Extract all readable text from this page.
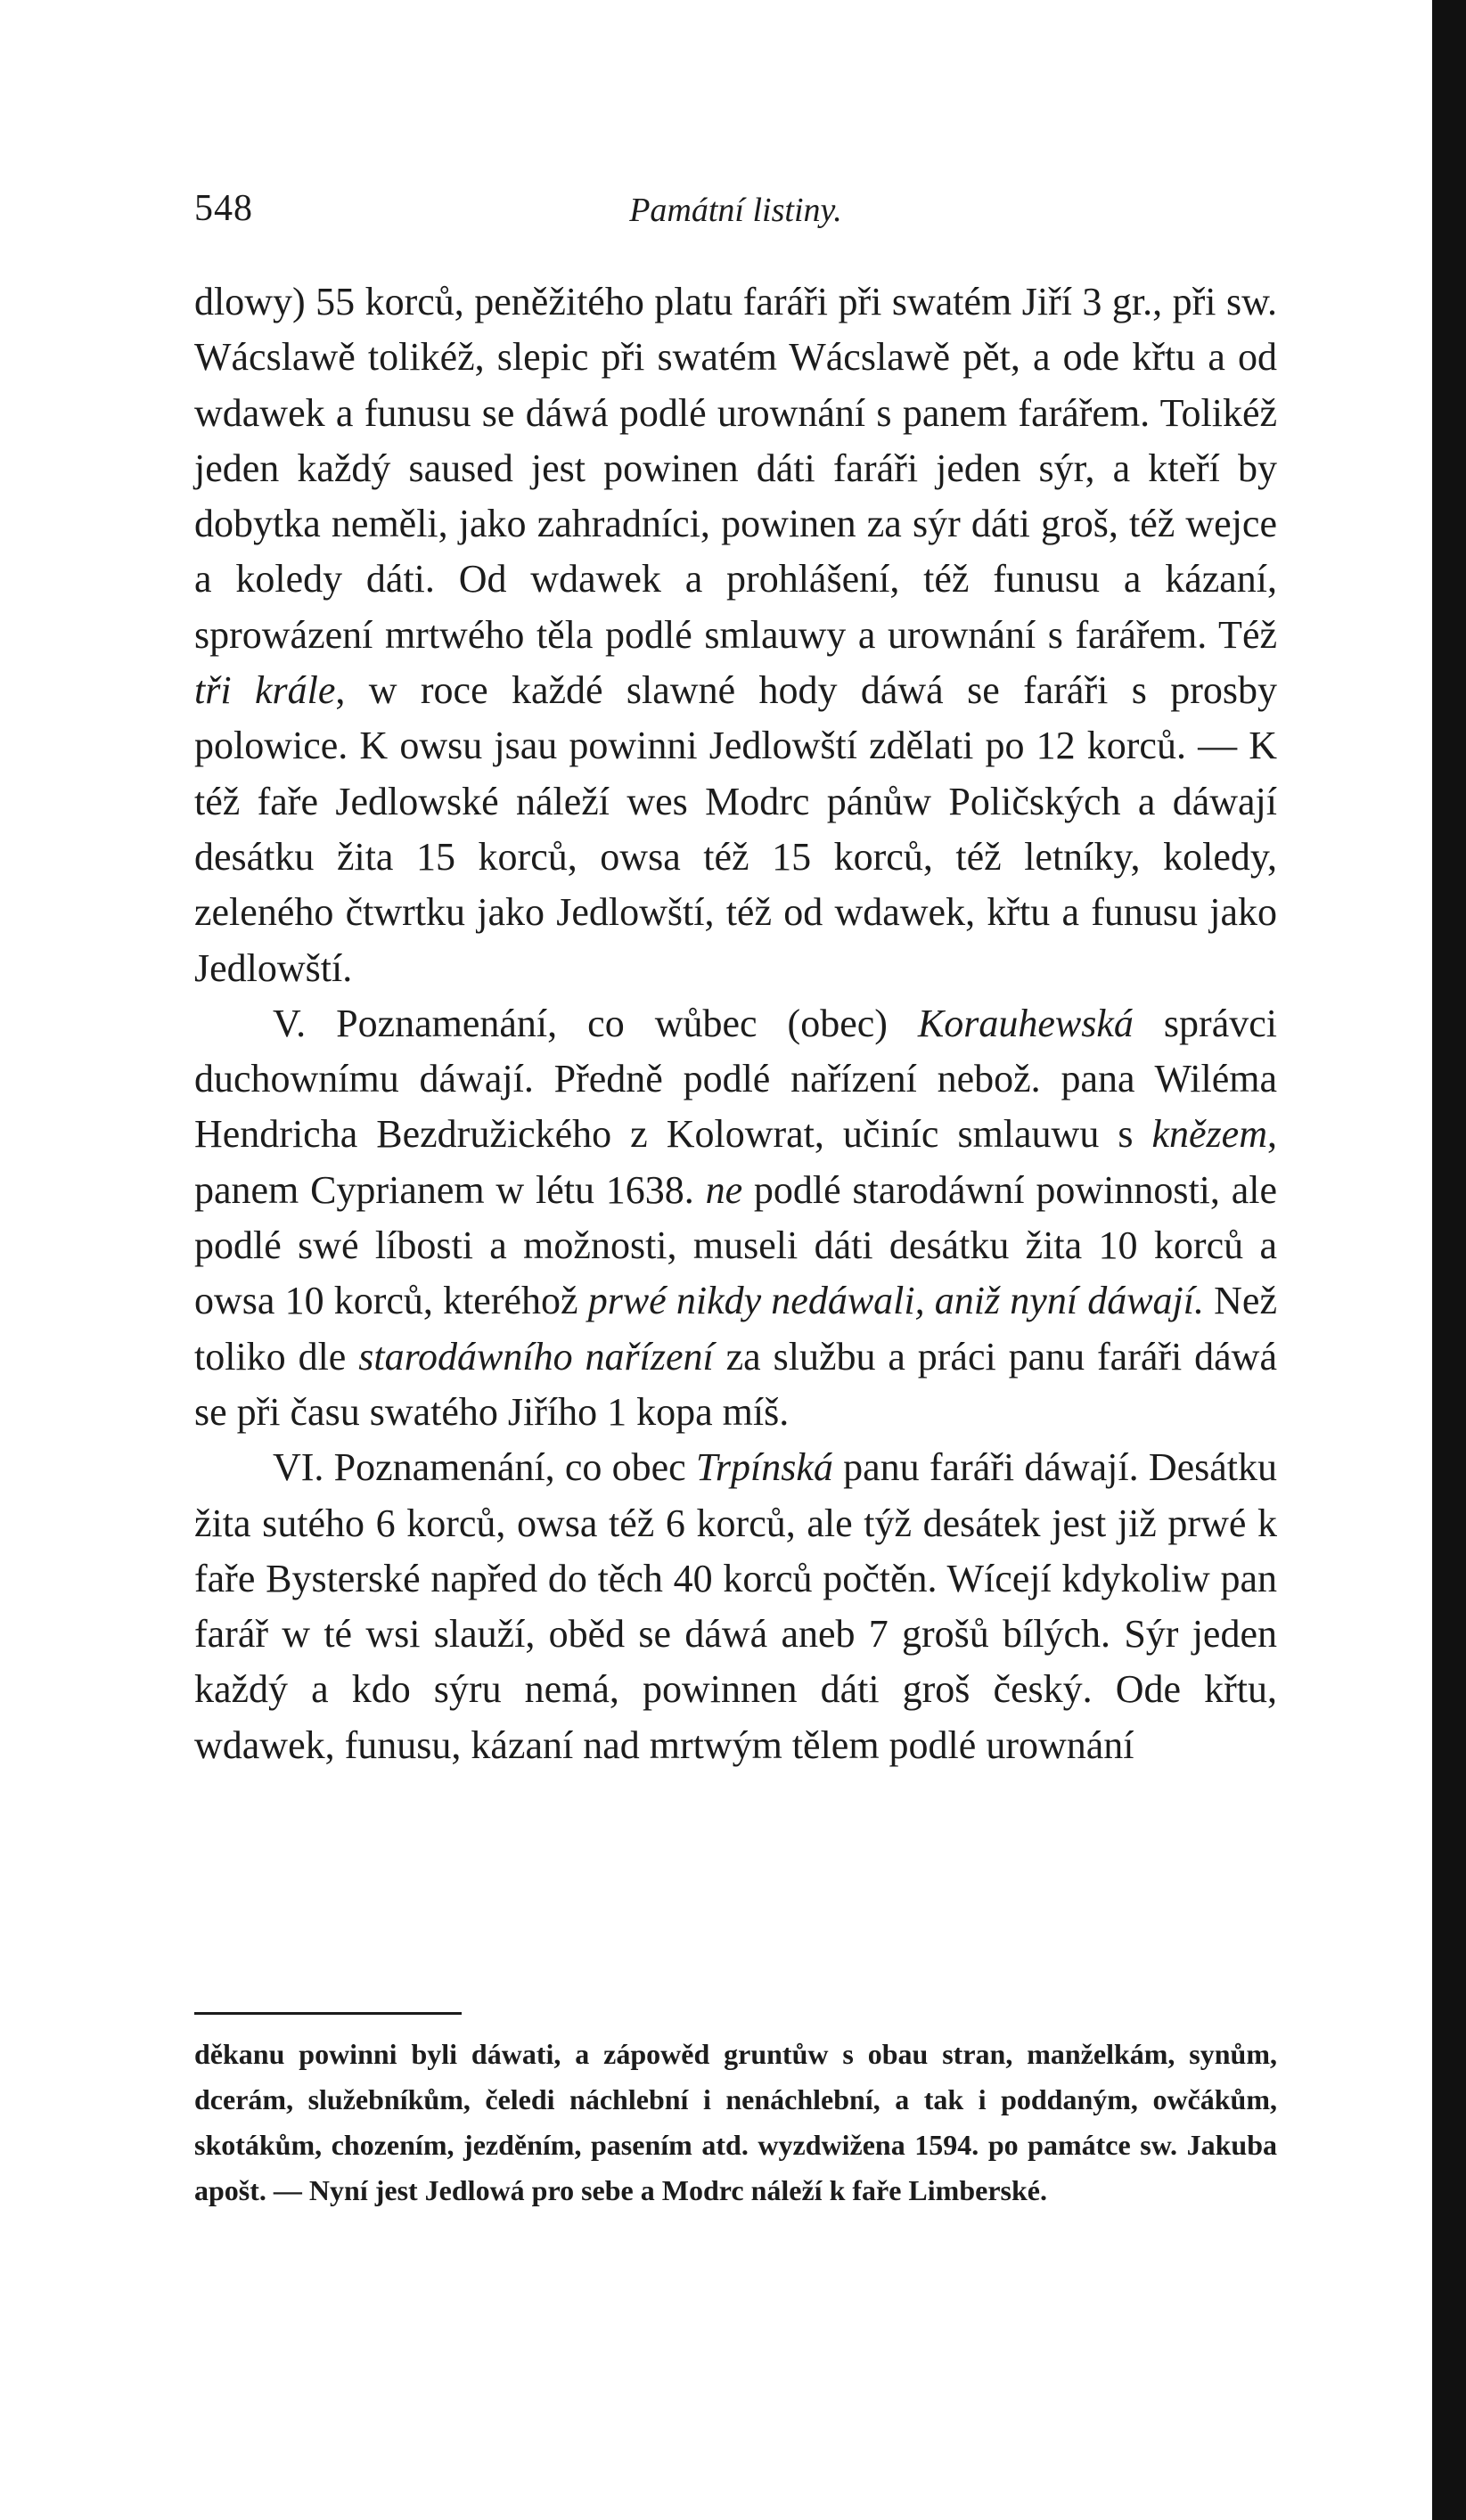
548	Památní listiny.

dlowy) 55 korců, peněžitého platu faráři při swatém Jiří 3 gr., při sw. Wácslawě tolikéž, slepic při swatém Wácslawě pět, a ode křtu a od wdawek a funusu se dáwá podlé urownání s panem farářem. Tolikéž jeden každý saused jest powinen dáti faráři jeden sýr, a kteří by dobytka neměli, jako zahradníci, powinen za sýr dáti groš, též wejce a koledy dáti. Od wdawek a prohlášení, též funusu a kázaní, sprowázení mrtwého těla podlé smlauwy a urownání s farářem. Též tři krále, w roce každé slawné hody dáwá se faráři s prosby polowice. K owsu jsau powinni Jedlowští zdělati po 12 korců. — K též faře Jedlowské náleží wes Modrc pánůw Poličských a dáwají desátku žita 15 korců, owsa též 15 korců, též letníky, koledy, zeleného čtwrtku jako Jedlowští, též od wdawek, křtu a funusu jako Jedlowští.

V. Poznamenání, co wůbec (obec) Korauhewská správci duchownímu dáwají. Předně podlé nařízení nebož. pana Wiléma Hendricha Bezdružického z Kolowrat, učiníc smlauwu s knězem, panem Cyprianem w létu 1638. ne podlé starodáwní powinnosti, ale podlé swé líbosti a možnosti, museli dáti desátku žita 10 korců a owsa 10 korců, kteréhož prwé nikdy nedáwali, aniž nyní dáwají. Než toliko dle starodáwního nařízení za službu a práci panu faráři dáwá se při času swatého Jiřího 1 kopa míš.

VI. Poznamenání, co obec Trpínská panu faráři dáwají. Desátku žita sutého 6 korců, owsa též 6 korců, ale týž desátek jest již prwé k faře Bysterské napřed do těch 40 korců počtěn. Wícejí kdykoliw pan farář w té wsi slauží, oběd se dáwá aneb 7 grošů bílých. Sýr jeden každý a kdo sýru nemá, powinnen dáti groš český. Ode křtu, wdawek, funusu, kázaní nad mrtwým tělem podlé urownání

děkanu powinni byli dáwati, a zápowěd gruntůw s obau stran, manželkám, synům, dcerám, služebníkům, čeledi náchlební i nenáchlební, a tak i poddaným, owčákům, skotákům, chozením, jezděním, pasením atd. wyzdwižena 1594. po památce sw. Jakuba apošt. — Nyní jest Jedlowá pro sebe a Modrc náleží k faře Limberské.
